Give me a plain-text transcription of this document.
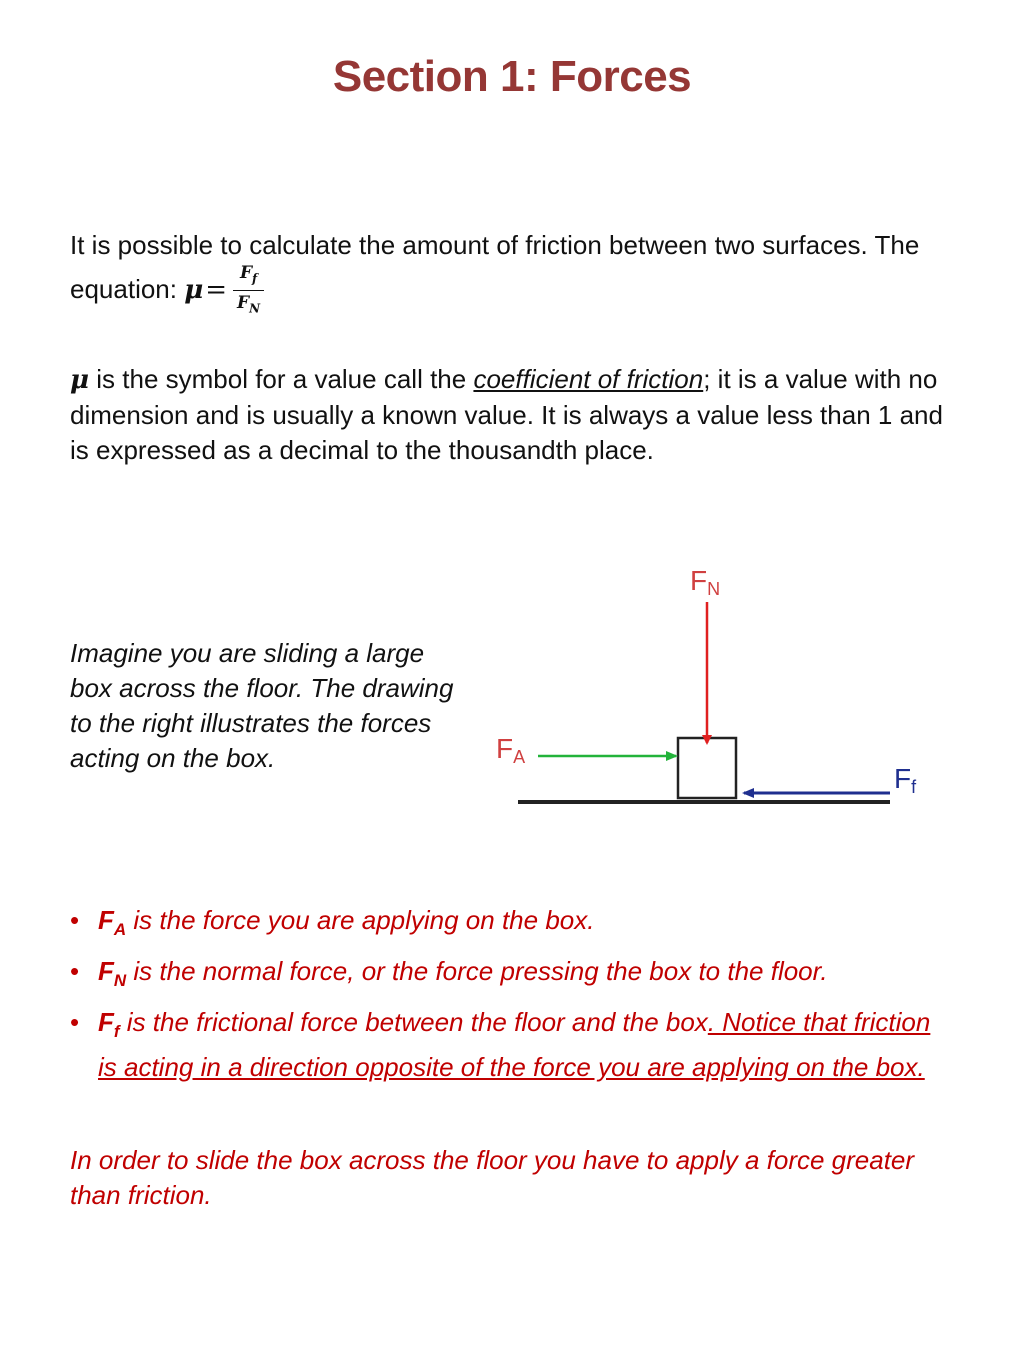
Section 1: Forces
It is possible to calculate the amount of friction between two surfaces. The equation: $\mu= \frac{F_f}{F_N}$
μ is the symbol for a value call the coefficient of friction; it is a value with no dimension and is usually a known value. It is always a value less than 1 and is expressed as a decimal to the thousandth place.
Imagine you are sliding a large box across the floor. The drawing to the right illustrates the forces acting on the box.
FN
FA
Ff
• $F_A$ is the force you are applying on the box.
• $F_N$ is the normal force, or the force pressing the box to the floor.
• $F_f$ is the frictional force between the floor and the box. Notice that friction is acting in a direction opposite of the force you are applying on the box.
In order to slide the box across the floor you have to apply a force greater than friction.
